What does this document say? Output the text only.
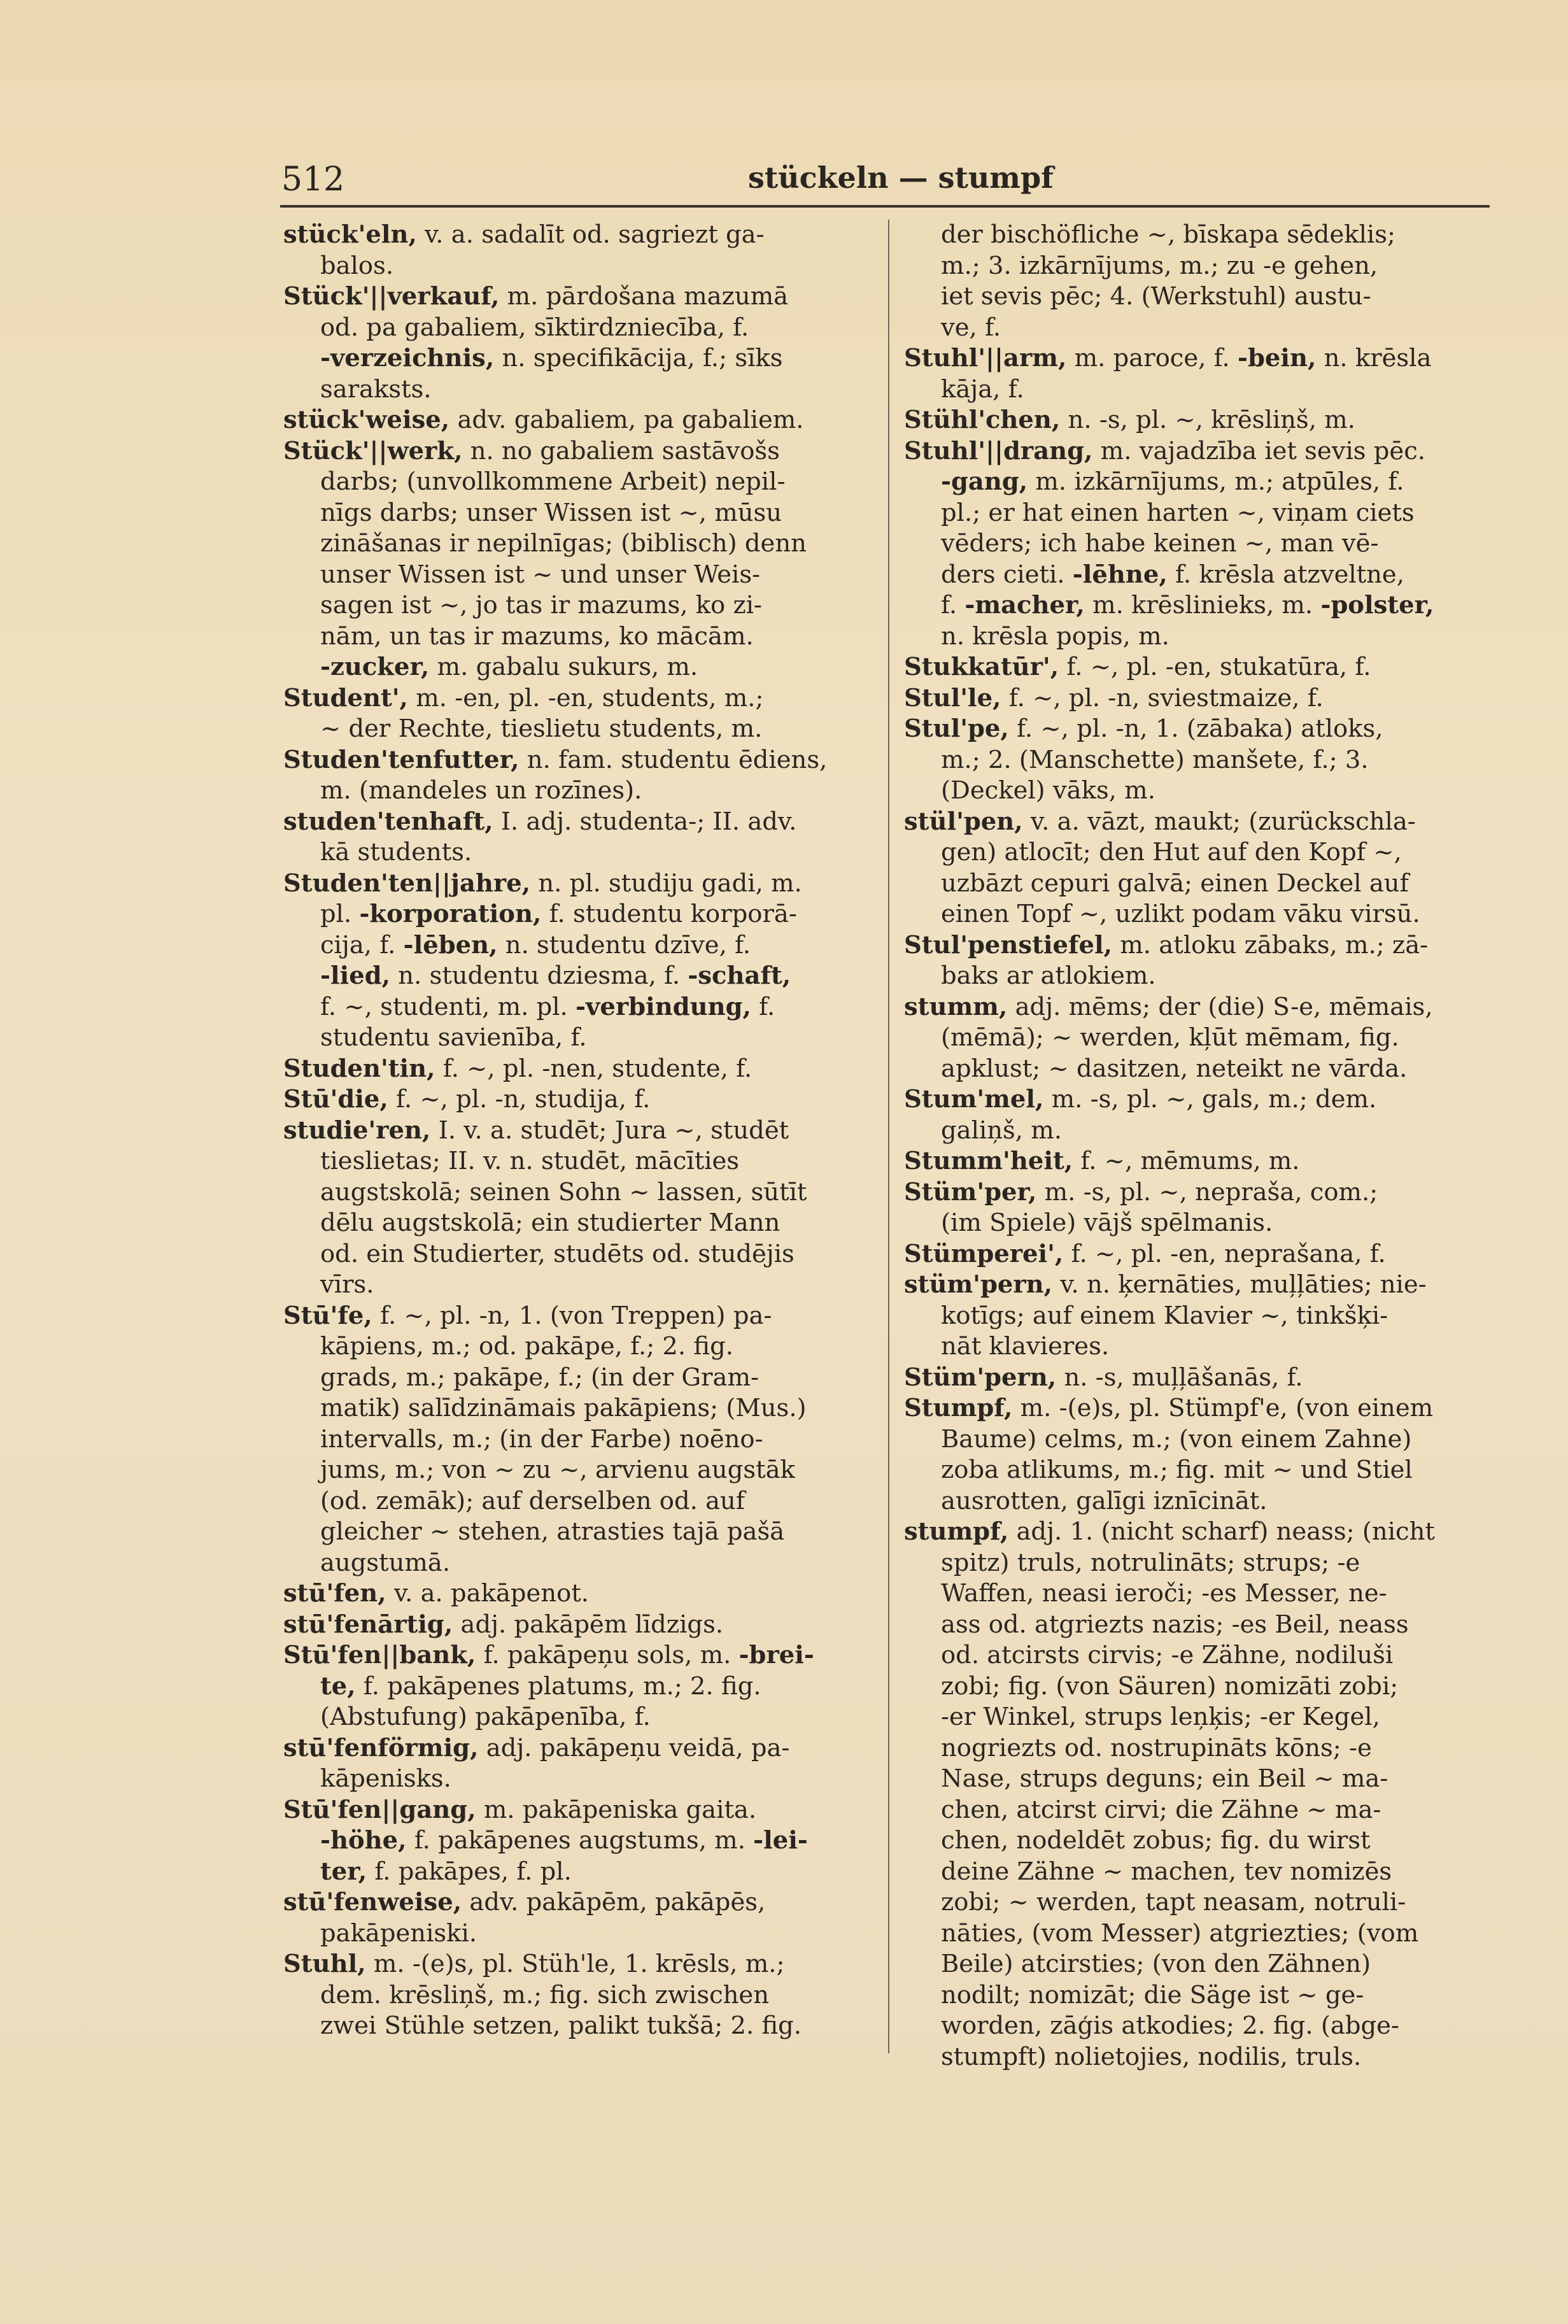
512	stückeln — stumpf
stück'eln, v. a. sadalīt od. sagriezt ga-
balos.
Stück'||verkauf, m. pārdošana mazumā
od. pa gabaliem, sīktirdzniecība, f.
-verzeichnis, n. specifikācija, f.; sīks
saraksts.
stück'weise, adv. gabaliem, pa gabaliem.
Stück'||werk, n. no gabaliem sastāvošs
darbs; (unvollkommene Arbeit) nepil-
nīgs darbs; unser Wissen ist ~, mūsu
zināšanas ir nepilnīgas; (biblisch) denn
unser Wissen ist ~ und unser Weis-
sagen ist ~, jo tas ir mazums, ko zi-
nām, un tas ir mazums, ko mācām.
-zucker, m. gabalu sukurs, m.
Student', m. -en, pl. -en, students, m.;
~ der Rechte, tieslietu students, m.
Studen'tenfutter, n. fam. studentu ēdiens,
m. (mandeles un rozīnes).
studen'tenhaft, I. adj. studenta-; II. adv.
kā students.
Studen'ten||jahre, n. pl. studiju gadi, m.
pl. -korporation, f. studentu korporā-
cija, f. -lēben, n. studentu dzīve, f.
-lied, n. studentu dziesma, f. -schaft,
f. ~, studenti, m. pl. -verbindung, f.
studentu savienība, f.
Studen'tin, f. ~, pl. -nen, studente, f.
Stū'die, f. ~, pl. -n, studija, f.
studie'ren, I. v. a. studēt; Jura ~, studēt
tieslietas; II. v. n. studēt, mācīties
augstskolā; seinen Sohn ~ lassen, sūtīt
dēlu augstskolā; ein studierter Mann
od. ein Studierter, studēts od. studējis
vīrs.
Stū'fe, f. ~, pl. -n, 1. (von Treppen) pa-
kāpiens, m.; od. pakāpe, f.; 2. fig.
grads, m.; pakāpe, f.; (in der Gram-
matik) salīdzināmais pakāpiens; (Mus.)
intervalls, m.; (in der Farbe) noēno-
jums, m.; von ~ zu ~, arvienu augstāk
(od. zemāk); auf derselben od. auf
gleicher ~ stehen, atrasties tajā pašā
augstumā.
stū'fen, v. a. pakāpenot.
stū'fenārtig, adj. pakāpēm līdzigs.
Stū'fen||bank, f. pakāpeņu sols, m. -brei-
te, f. pakāpenes platums, m.; 2. fig.
(Abstufung) pakāpenība, f.
stū'fenförmig, adj. pakāpeņu veidā, pa-
kāpenisks.
Stū'fen||gang, m. pakāpeniska gaita.
-höhe, f. pakāpenes augstums, m. -lei-
ter, f. pakāpes, f. pl.
stū'fenweise, adv. pakāpēm, pakāpēs,
pakāpeniski.
Stuhl, m. -(e)s, pl. Stüh'le, 1. krēsls, m.;
dem. krēsliņš, m.; fig. sich zwischen
zwei Stühle setzen, palikt tukšā; 2. fig.
der bischöfliche ~, bīskapa sēdeklis;
m.; 3. izkārnījums, m.; zu -e gehen,
iet sevis pēc; 4. (Werkstuhl) austu-
ve, f.
Stuhl'||arm, m. paroce, f. -bein, n. krēsla
kāja, f.
Stühl'chen, n. -s, pl. ~, krēsliņš, m.
Stuhl'||drang, m. vajadzība iet sevis pēc.
-gang, m. izkārnījums, m.; atpūles, f.
pl.; er hat einen harten ~, viņam ciets
vēders; ich habe keinen ~, man vē-
ders cieti. -lēhne, f. krēsla atzveltne,
f. -macher, m. krēslinieks, m. -polster,
n. krēsla popis, m.
Stukkatūr', f. ~, pl. -en, stukatūra, f.
Stul'le, f. ~, pl. -n, sviestmaize, f.
Stul'pe, f. ~, pl. -n, 1. (zābaka) atloks,
m.; 2. (Manschette) manšete, f.; 3.
(Deckel) vāks, m.
stül'pen, v. a. vāzt, maukt; (zurückschla-
gen) atlocīt; den Hut auf den Kopf ~,
uzbāzt cepuri galvā; einen Deckel auf
einen Topf ~, uzlikt podam vāku virsū.
Stul'penstiefel, m. atloku zābaks, m.; zā-
baks ar atlokiem.
stumm, adj. mēms; der (die) S-e, mēmais,
(mēmā); ~ werden, kļūt mēmam, fig.
apklust; ~ dasitzen, neteikt ne vārda.
Stum'mel, m. -s, pl. ~, gals, m.; dem.
galiņš, m.
Stumm'heit, f. ~, mēmums, m.
Stüm'per, m. -s, pl. ~, nepraša, com.;
(im Spiele) vājš spēlmanis.
Stümperei', f. ~, pl. -en, neprašana, f.
stüm'pern, v. n. ķernāties, muļļāties; nie-
kotīgs; auf einem Klavier ~, tinkšķi-
nāt klavieres.
Stüm'pern, n. -s, muļļāšanās, f.
Stumpf, m. -(e)s, pl. Stümpf'e, (von einem
Baume) celms, m.; (von einem Zahne)
zoba atlikums, m.; fig. mit ~ und Stiel
ausrotten, galīgi iznīcināt.
stumpf, adj. 1. (nicht scharf) neass; (nicht
spitz) truls, notrulināts; strups; -e
Waffen, neasi ieroči; -es Messer, ne-
ass od. atgriezts nazis; -es Beil, neass
od. atcirsts cirvis; -e Zähne, nodiluši
zobi; fig. (von Säuren) nomizāti zobi;
-er Winkel, strups leņķis; -er Kegel,
nogriezts od. nostrupināts kōns; -e
Nase, strups deguns; ein Beil ~ ma-
chen, atcirst cirvi; die Zähne ~ ma-
chen, nodeldēt zobus; fig. du wirst
deine Zähne ~ machen, tev nomizēs
zobi; ~ werden, tapt neasam, notruli-
nāties, (vom Messer) atgriezties; (vom
Beile) atcirsties; (von den Zähnen)
nodilt; nomizāt; die Säge ist ~ ge-
worden, zāģis atkodies; 2. fig. (abge-
stumpft) nolietojies, nodilis, truls.
